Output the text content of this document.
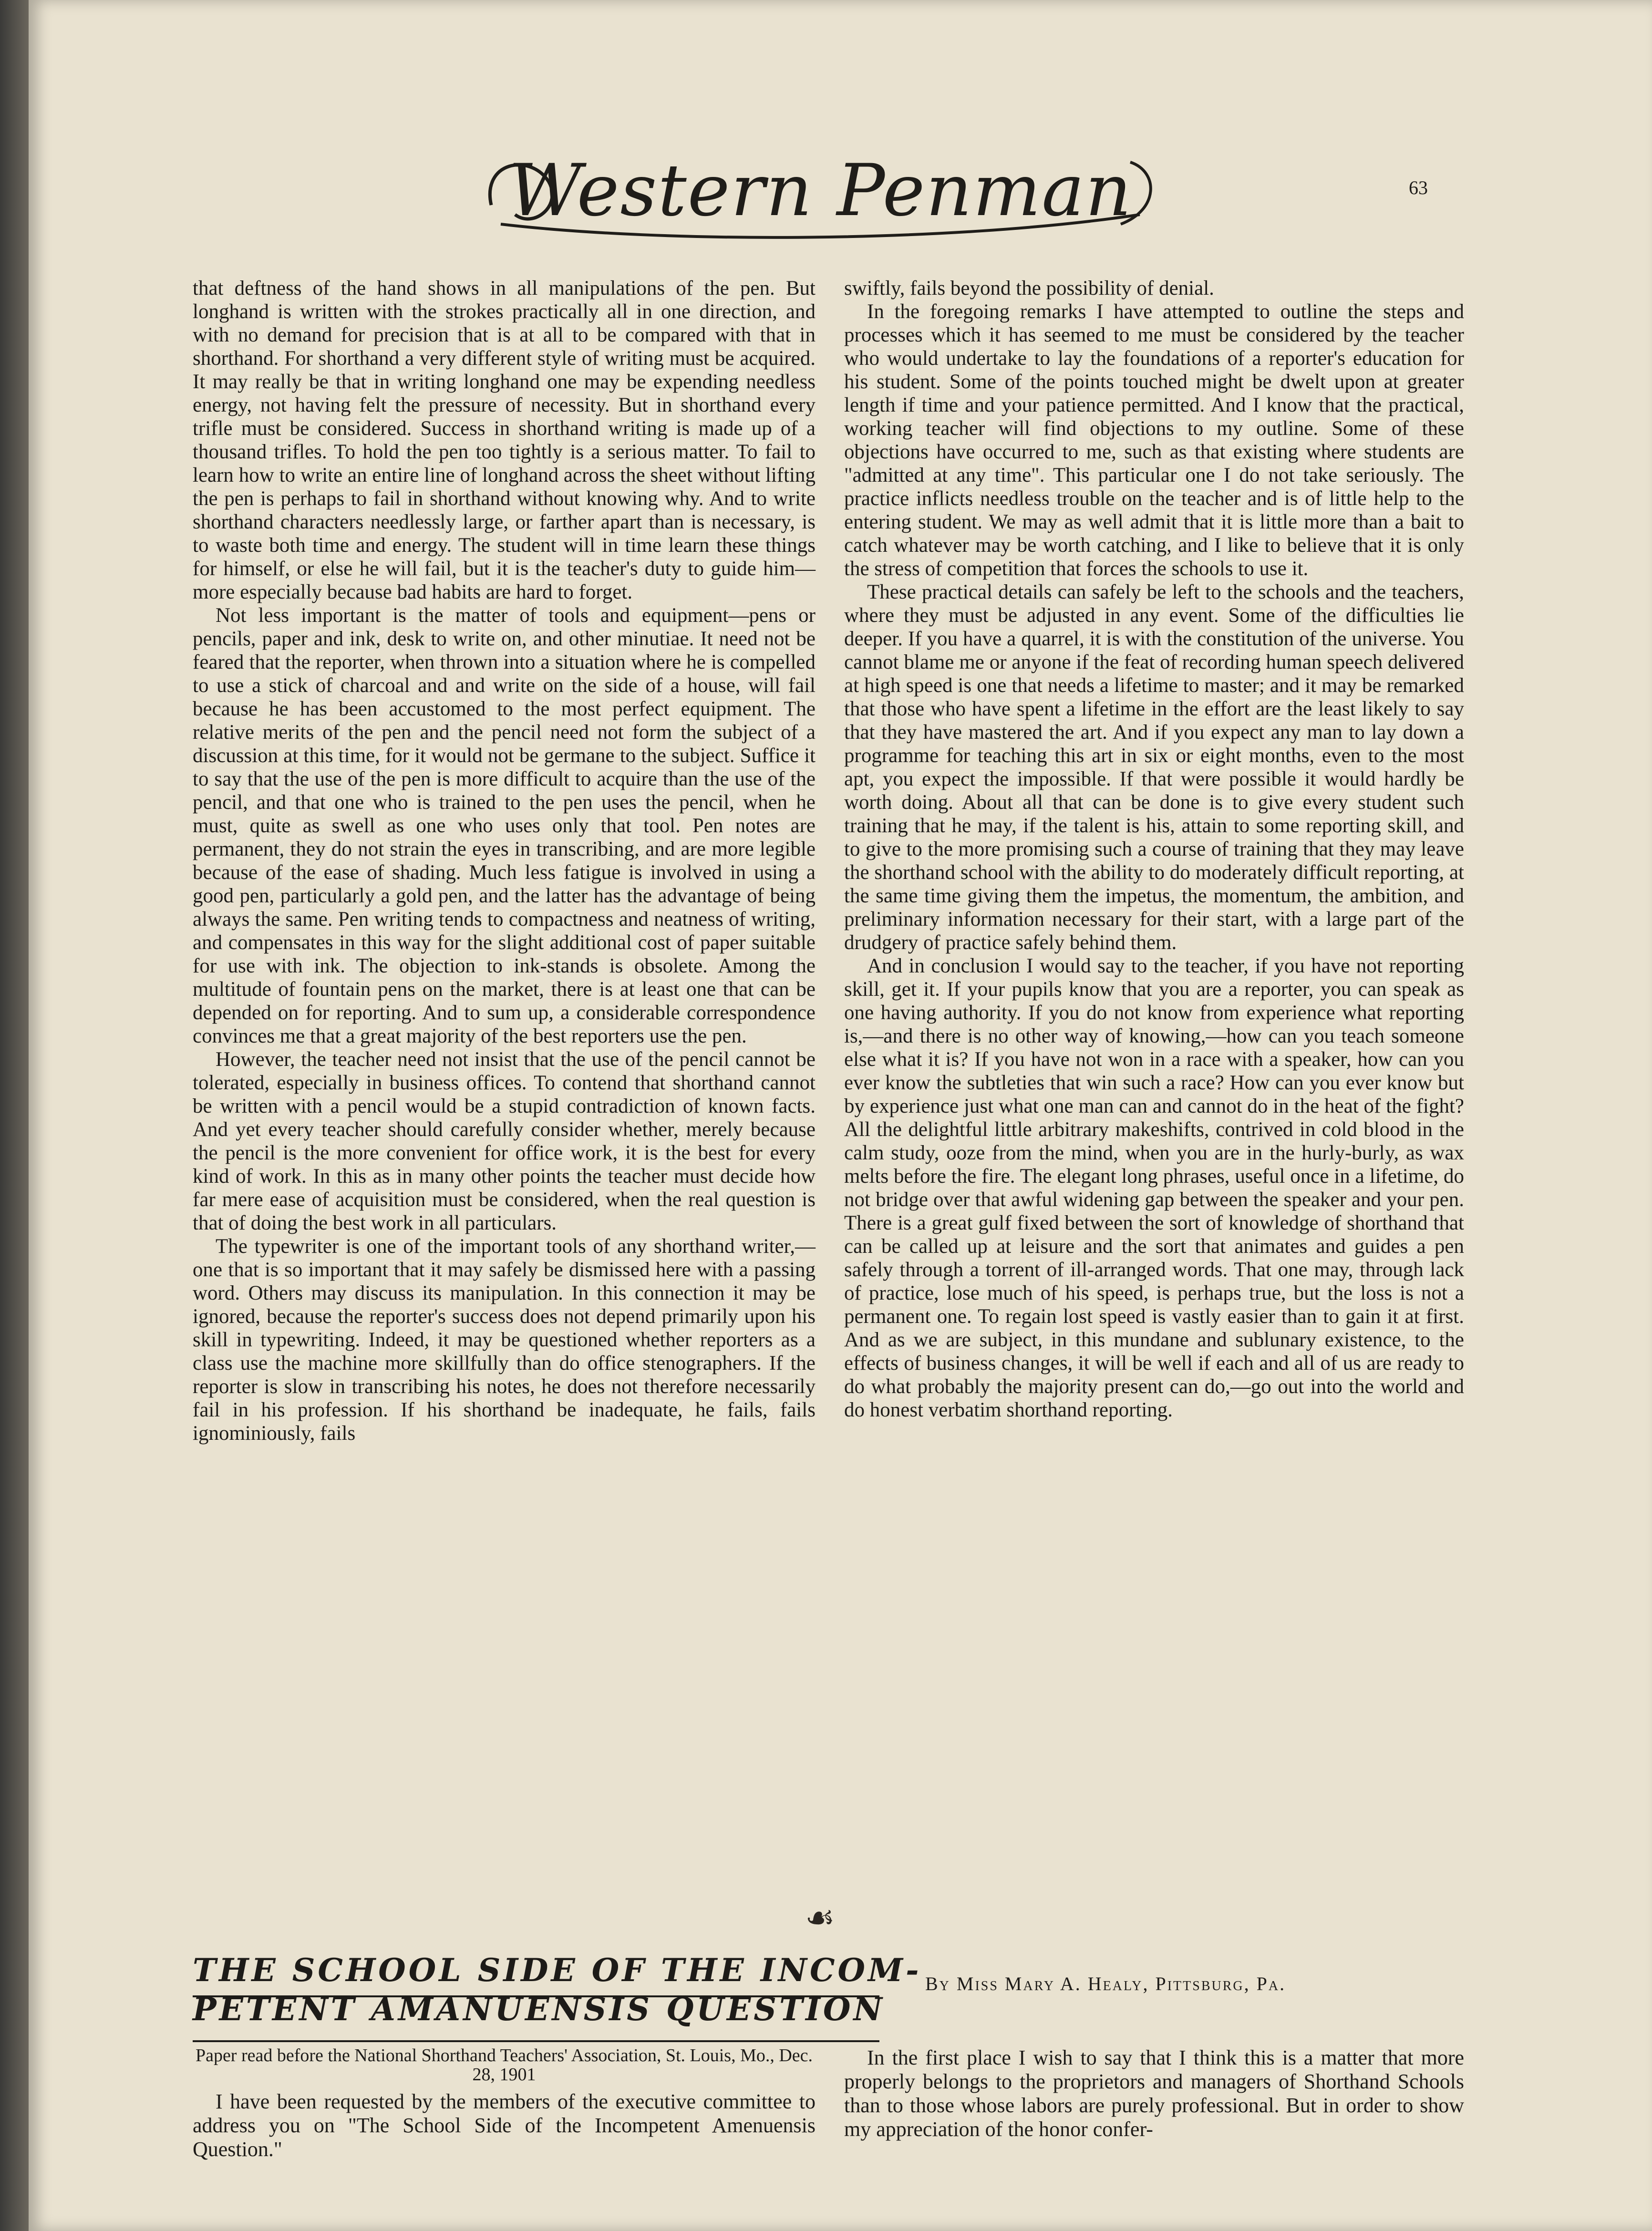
Western Penman	63

that deftness of the hand shows in all manipulations of the pen. But longhand is written with the strokes practically all in one direction, and with no demand for precision that is at all to be compared with that in shorthand. For shorthand a very different style of writing must be acquired. It may really be that in writing longhand one may be expending needless energy, not having felt the pressure of necessity. But in shorthand every trifle must be considered. Success in shorthand writing is made up of a thousand trifles. To hold the pen too tightly is a serious matter. To fail to learn how to write an entire line of longhand across the sheet without lifting the pen is perhaps to fail in shorthand without knowing why. And to write shorthand characters needlessly large, or farther apart than is necessary, is to waste both time and energy. The student will in time learn these things for himself, or else he will fail, but it is the teacher's duty to guide him—more especially because bad habits are hard to forget.

Not less important is the matter of tools and equipment—pens or pencils, paper and ink, desk to write on, and other minutiae. It need not be feared that the reporter, when thrown into a situation where he is compelled to use a stick of charcoal and and write on the side of a house, will fail because he has been accustomed to the most perfect equipment. The relative merits of the pen and the pencil need not form the subject of a discussion at this time, for it would not be germane to the subject. Suffice it to say that the use of the pen is more difficult to acquire than the use of the pencil, and that one who is trained to the pen uses the pencil, when he must, quite as swell as one who uses only that tool. Pen notes are permanent, they do not strain the eyes in transcribing, and are more legible because of the ease of shading. Much less fatigue is involved in using a good pen, particularly a gold pen, and the latter has the advantage of being always the same. Pen writing tends to compactness and neatness of writing, and compensates in this way for the slight additional cost of paper suitable for use with ink. The objection to ink-stands is obsolete. Among the multitude of fountain pens on the market, there is at least one that can be depended on for reporting. And to sum up, a considerable correspondence convinces me that a great majority of the best reporters use the pen.

However, the teacher need not insist that the use of the pencil cannot be tolerated, especially in business offices. To contend that shorthand cannot be written with a pencil would be a stupid contradiction of known facts. And yet every teacher should carefully consider whether, merely because the pencil is the more convenient for office work, it is the best for every kind of work. In this as in many other points the teacher must decide how far mere ease of acquisition must be considered, when the real question is that of doing the best work in all particulars.

The typewriter is one of the important tools of any shorthand writer,—one that is so important that it may safely be dismissed here with a passing word. Others may discuss its manipulation. In this connection it may be ignored, because the reporter's success does not depend primarily upon his skill in typewriting. Indeed, it may be questioned whether reporters as a class use the machine more skillfully than do office stenographers. If the reporter is slow in transcribing his notes, he does not therefore necessarily fail in his profession. If his shorthand be inadequate, he fails, fails ignominiously, fails

swiftly, fails beyond the possibility of denial.

In the foregoing remarks I have attempted to outline the steps and processes which it has seemed to me must be considered by the teacher who would undertake to lay the foundations of a reporter's education for his student. Some of the points touched might be dwelt upon at greater length if time and your patience permitted. And I know that the practical, working teacher will find objections to my outline. Some of these objections have occurred to me, such as that existing where students are "admitted at any time". This particular one I do not take seriously. The practice inflicts needless trouble on the teacher and is of little help to the entering student. We may as well admit that it is little more than a bait to catch whatever may be worth catching, and I like to believe that it is only the stress of competition that forces the schools to use it.

These practical details can safely be left to the schools and the teachers, where they must be adjusted in any event. Some of the difficulties lie deeper. If you have a quarrel, it is with the constitution of the universe. You cannot blame me or anyone if the feat of recording human speech delivered at high speed is one that needs a lifetime to master; and it may be remarked that those who have spent a lifetime in the effort are the least likely to say that they have mastered the art. And if you expect any man to lay down a programme for teaching this art in six or eight months, even to the most apt, you expect the impossible. If that were possible it would hardly be worth doing. About all that can be done is to give every student such training that he may, if the talent is his, attain to some reporting skill, and to give to the more promising such a course of training that they may leave the shorthand school with the ability to do moderately difficult reporting, at the same time giving them the impetus, the momentum, the ambition, and preliminary information necessary for their start, with a large part of the drudgery of practice safely behind them.

And in conclusion I would say to the teacher, if you have not reporting skill, get it. If your pupils know that you are a reporter, you can speak as one having authority. If you do not know from experience what reporting is,—and there is no other way of knowing,—how can you teach someone else what it is? If you have not won in a race with a speaker, how can you ever know the subtleties that win such a race? How can you ever know but by experience just what one man can and cannot do in the heat of the fight? All the delightful little arbitrary makeshifts, contrived in cold blood in the calm study, ooze from the mind, when you are in the hurly-burly, as wax melts before the fire. The elegant long phrases, useful once in a lifetime, do not bridge over that awful widening gap between the speaker and your pen. There is a great gulf fixed between the sort of knowledge of shorthand that can be called up at leisure and the sort that animates and guides a pen safely through a torrent of ill-arranged words. That one may, through lack of practice, lose much of his speed, is perhaps true, but the loss is not a permanent one. To regain lost speed is vastly easier than to gain it at first. And as we are subject, in this mundane and sublunary existence, to the effects of business changes, it will be well if each and all of us are ready to do what probably the majority present can do,—go out into the world and do honest verbatim shorthand reporting.

☙
THE SCHOOL SIDE OF THE INCOM-
PETENT AMANUENSIS QUESTION
By Miss Mary A. Healy, Pittsburg, Pa.
Paper read before the National Shorthand Teachers' Association, St. Louis, Mo., Dec. 28, 1901

I have been requested by the members of the executive committee to address you on "The School Side of the Incompetent Amenuensis Question."

In the first place I wish to say that I think this is a matter that more properly belongs to the proprietors and managers of Shorthand Schools than to those whose labors are purely professional. But in order to show my appreciation of the honor confer-
